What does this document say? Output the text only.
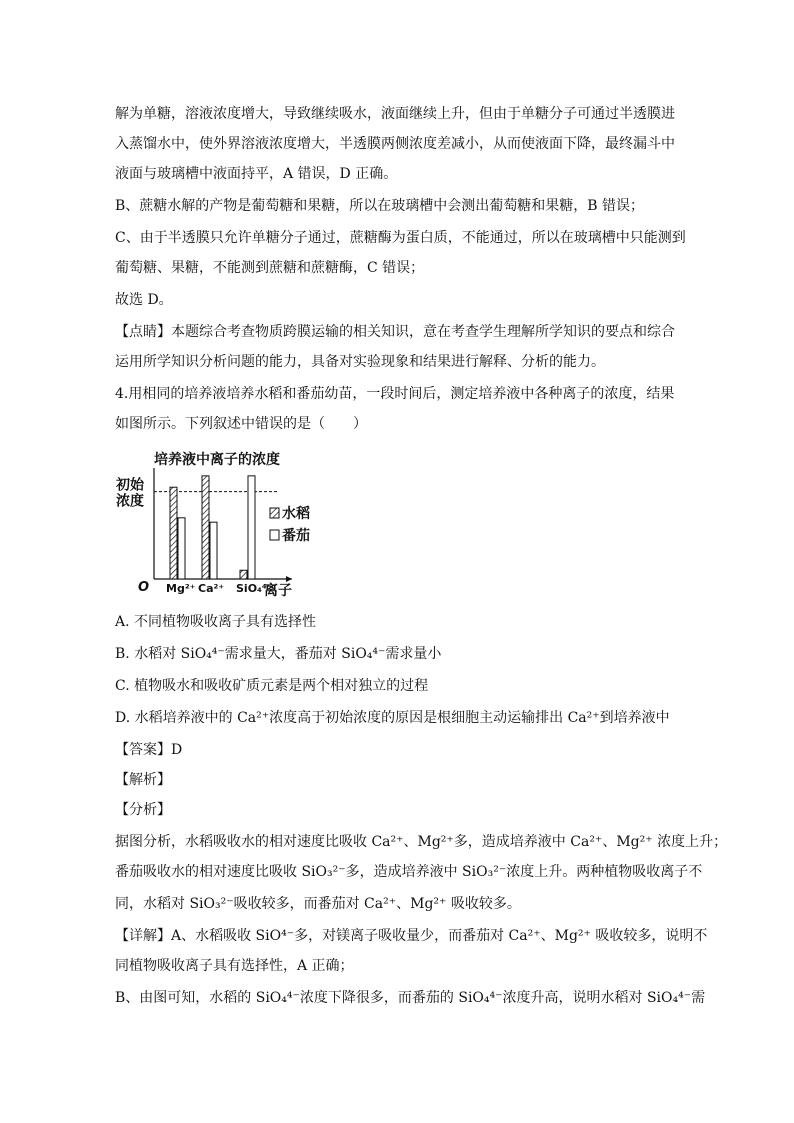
解为单糖，溶液浓度增大，导致继续吸水，液面继续上升，但由于单糖分子可通过半透膜进
入蒸馏水中，使外界溶液浓度增大，半透膜两侧浓度差减小，从而使液面下降，最终漏斗中
液面与玻璃槽中液面持平，A 错误，D 正确。
B、蔗糖水解的产物是葡萄糖和果糖，所以在玻璃槽中会测出葡萄糖和果糖，B 错误；
C、由于半透膜只允许单糖分子通过，蔗糖酶为蛋白质，不能通过，所以在玻璃槽中只能测到
葡萄糖、果糖，不能测到蔗糖和蔗糖酶，C 错误；
故选 D。
【点睛】本题综合考查物质跨膜运输的相关知识，意在考查学生理解所学知识的要点和综合
运用所学知识分析问题的能力，具备对实验现象和结果进行解释、分析的能力。
4.用相同的培养液培养水稻和番茄幼苗，一段时间后，测定培养液中各种离子的浓度，结果
如图所示。下列叙述中错误的是（　　）
培养液中离子的浓度
初始
浓度
O	离子
Mg²⁺ Ca²⁺ SiO₄⁴⁻
水稻
番茄
A. 不同植物吸收离子具有选择性
B. 水稻对 SiO₄⁴⁻需求量大，番茄对 SiO₄⁴⁻需求量小
C. 植物吸水和吸收矿质元素是两个相对独立的过程
D. 水稻培养液中的 Ca²⁺浓度高于初始浓度的原因是根细胞主动运输排出 Ca²⁺到培养液中
【答案】D
【解析】
【分析】
据图分析，水稻吸收水的相对速度比吸收 Ca²⁺、Mg²⁺多，造成培养液中 Ca²⁺、Mg²⁺ 浓度上升；
番茄吸收水的相对速度比吸收 SiO₃²⁻多，造成培养液中 SiO₃²⁻浓度上升。两种植物吸收离子不
同，水稻对 SiO₃²⁻吸收较多，而番茄对 Ca²⁺、Mg²⁺ 吸收较多。
【详解】A、水稻吸收 SiO⁴⁻多，对镁离子吸收量少，而番茄对 Ca²⁺、Mg²⁺ 吸收较多，说明不
同植物吸收离子具有选择性，A 正确；
B、由图可知，水稻的 SiO₄⁴⁻浓度下降很多，而番茄的 SiO₄⁴⁻浓度升高，说明水稻对 SiO₄⁴⁻需
